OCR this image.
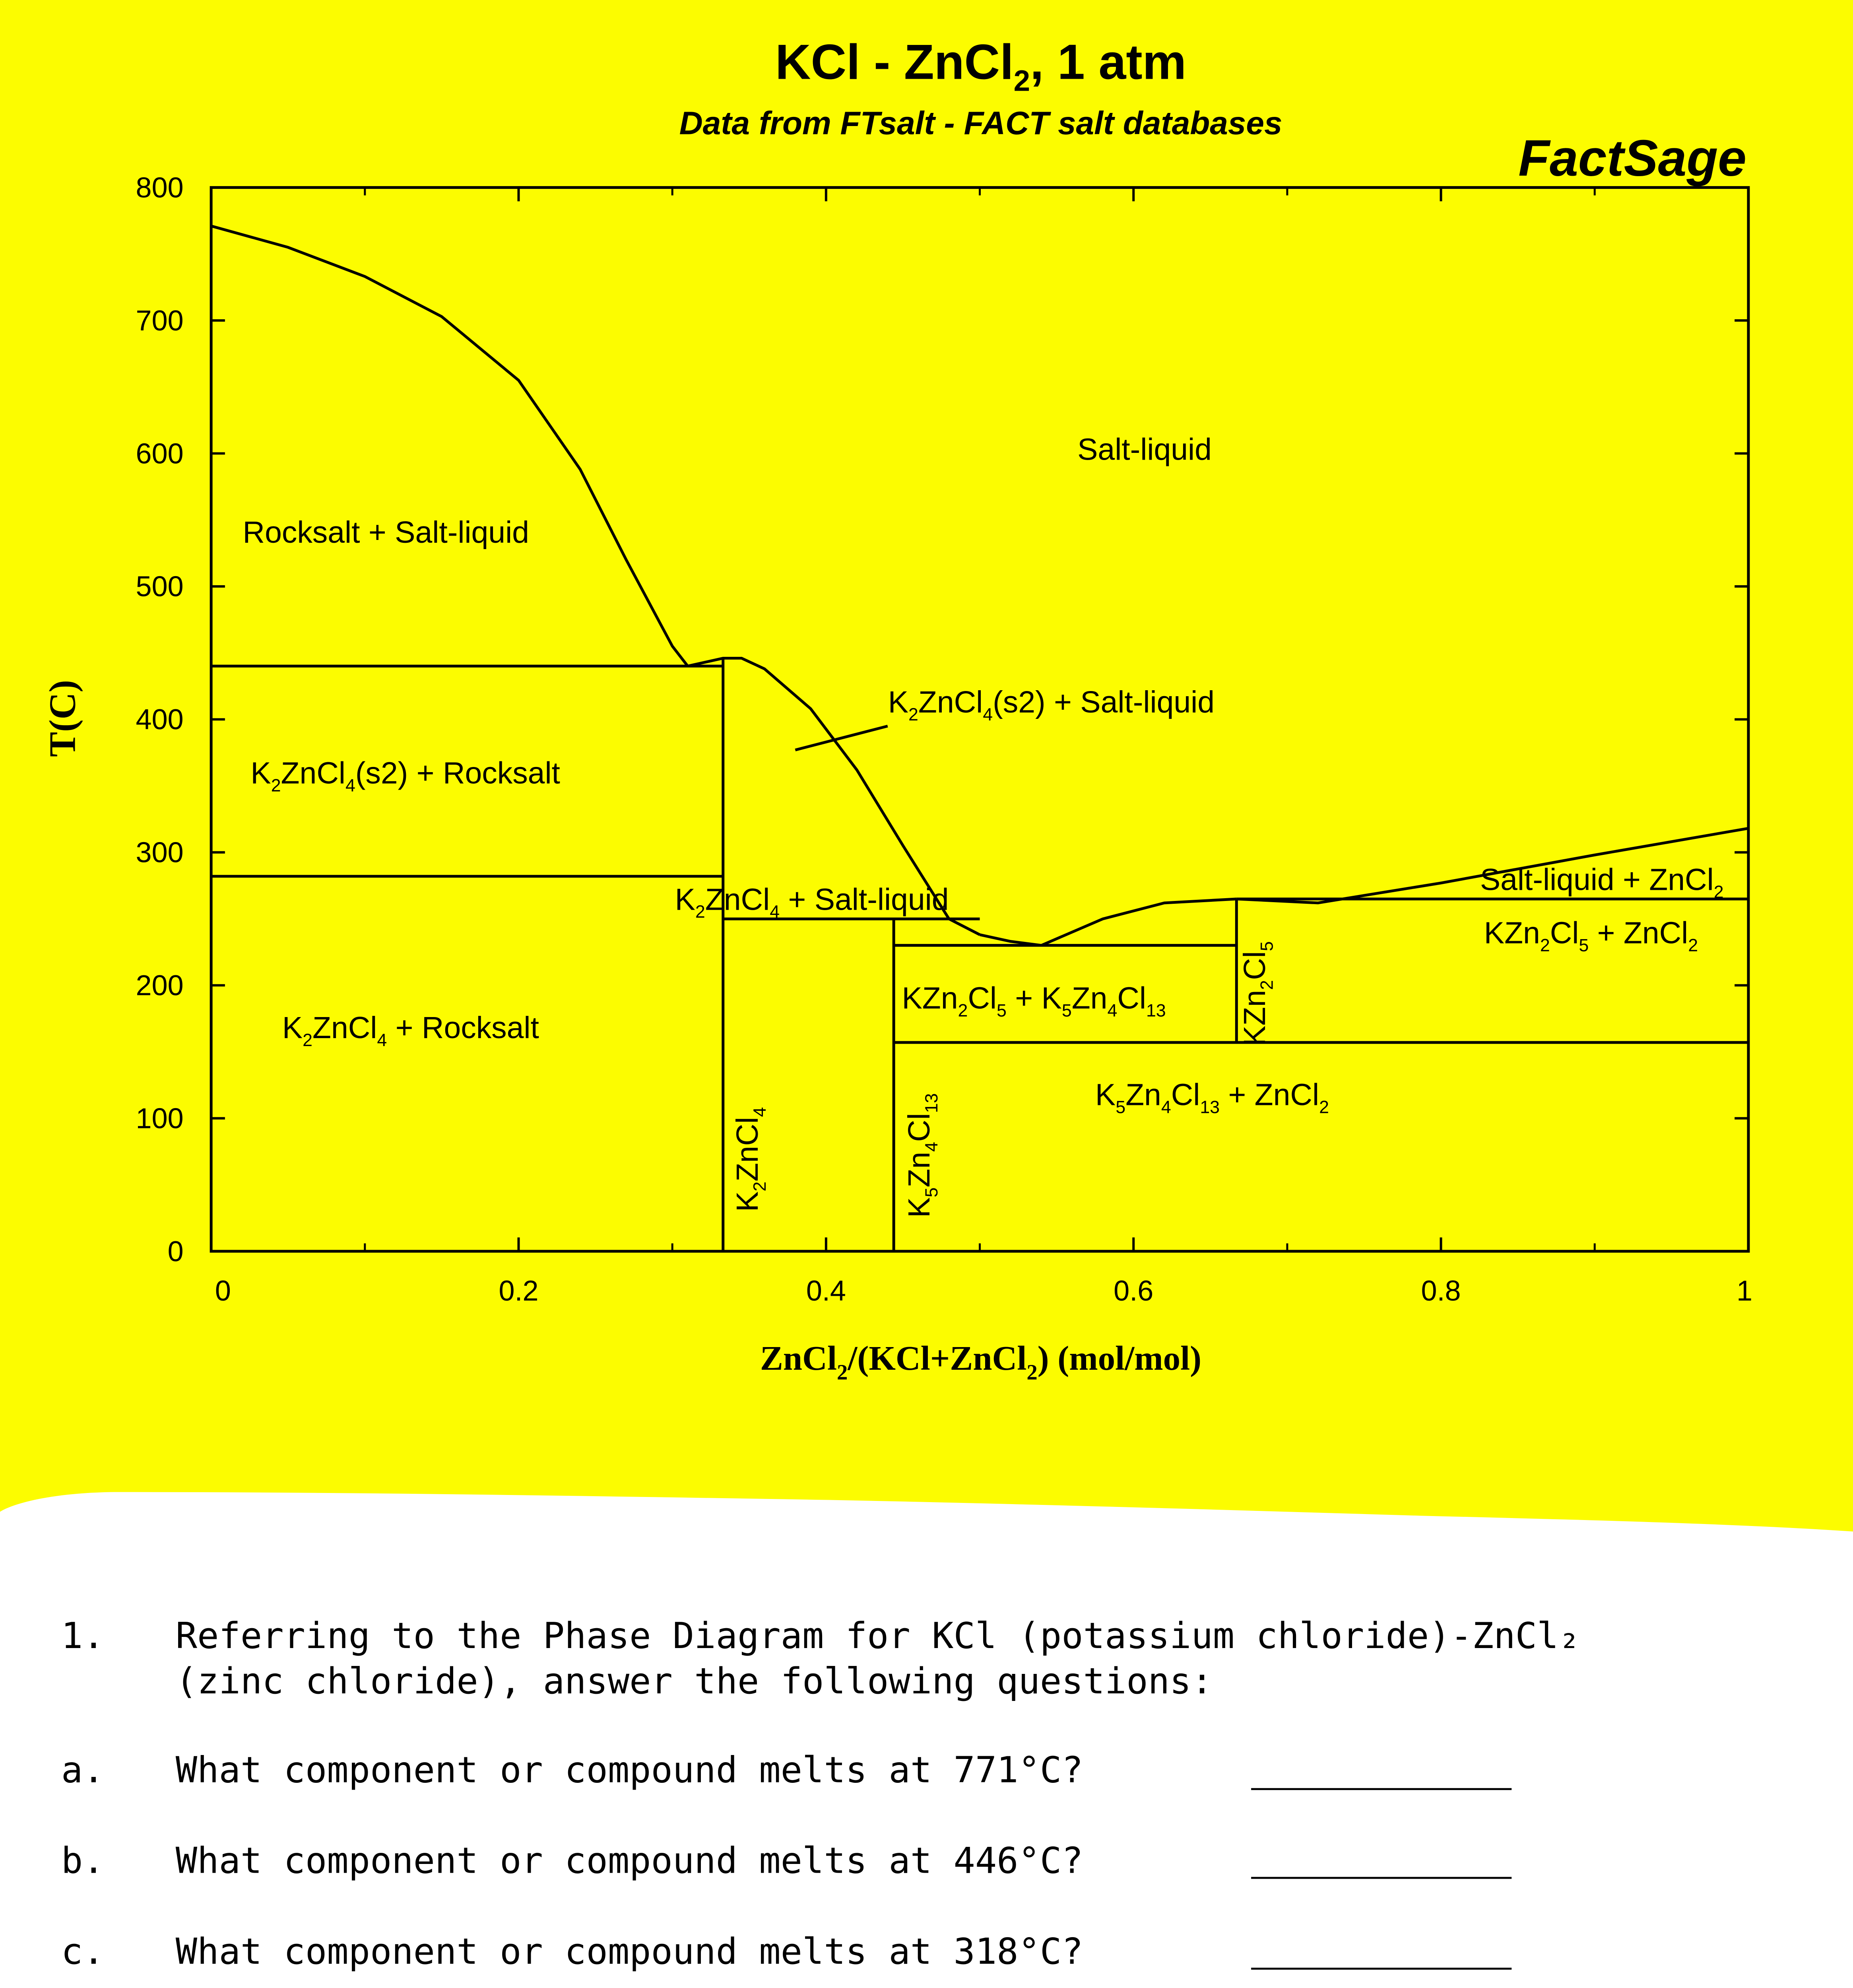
KCl - ZnCl$_2$, 1 atm
Data from FTsalt - FACT salt databases
FactSage
0
100
200
300
400
500
600
700
800
0	0.2	0.4	0.6	0.8	1
T(C)
ZnCl$_2$/(KCl+ZnCl$_2$) (mol/mol)
Salt-liquid
Rocksalt + Salt-liquid
$K_2ZnCl_4(s2)$ + Salt-liquid
$K_2ZnCl_4(s2)$ + Rocksalt
$K_2ZnCl_4$ + Salt-liquid
Salt-liquid + ZnCl$_2$
$KZn_2Cl_5$ + ZnCl$_2$
$KZn_2Cl_5 + K_5Zn_4Cl_{13}$
$K_2ZnCl_4$ + Rocksalt
$K_5Zn_4Cl_{13}$ + ZnCl$_2$
$K_2ZnCl_4$
$K_5Zn_4Cl_{13}$
$KZn_2Cl_5$
1.	Referring to the Phase Diagram for KCl (potassium chloride)-ZnCl₂
(zinc chloride), answer the following questions:
a.	What component or compound melts at 771°C?
b.	What component or compound melts at 446°C?
c.	What component or compound melts at 318°C?
